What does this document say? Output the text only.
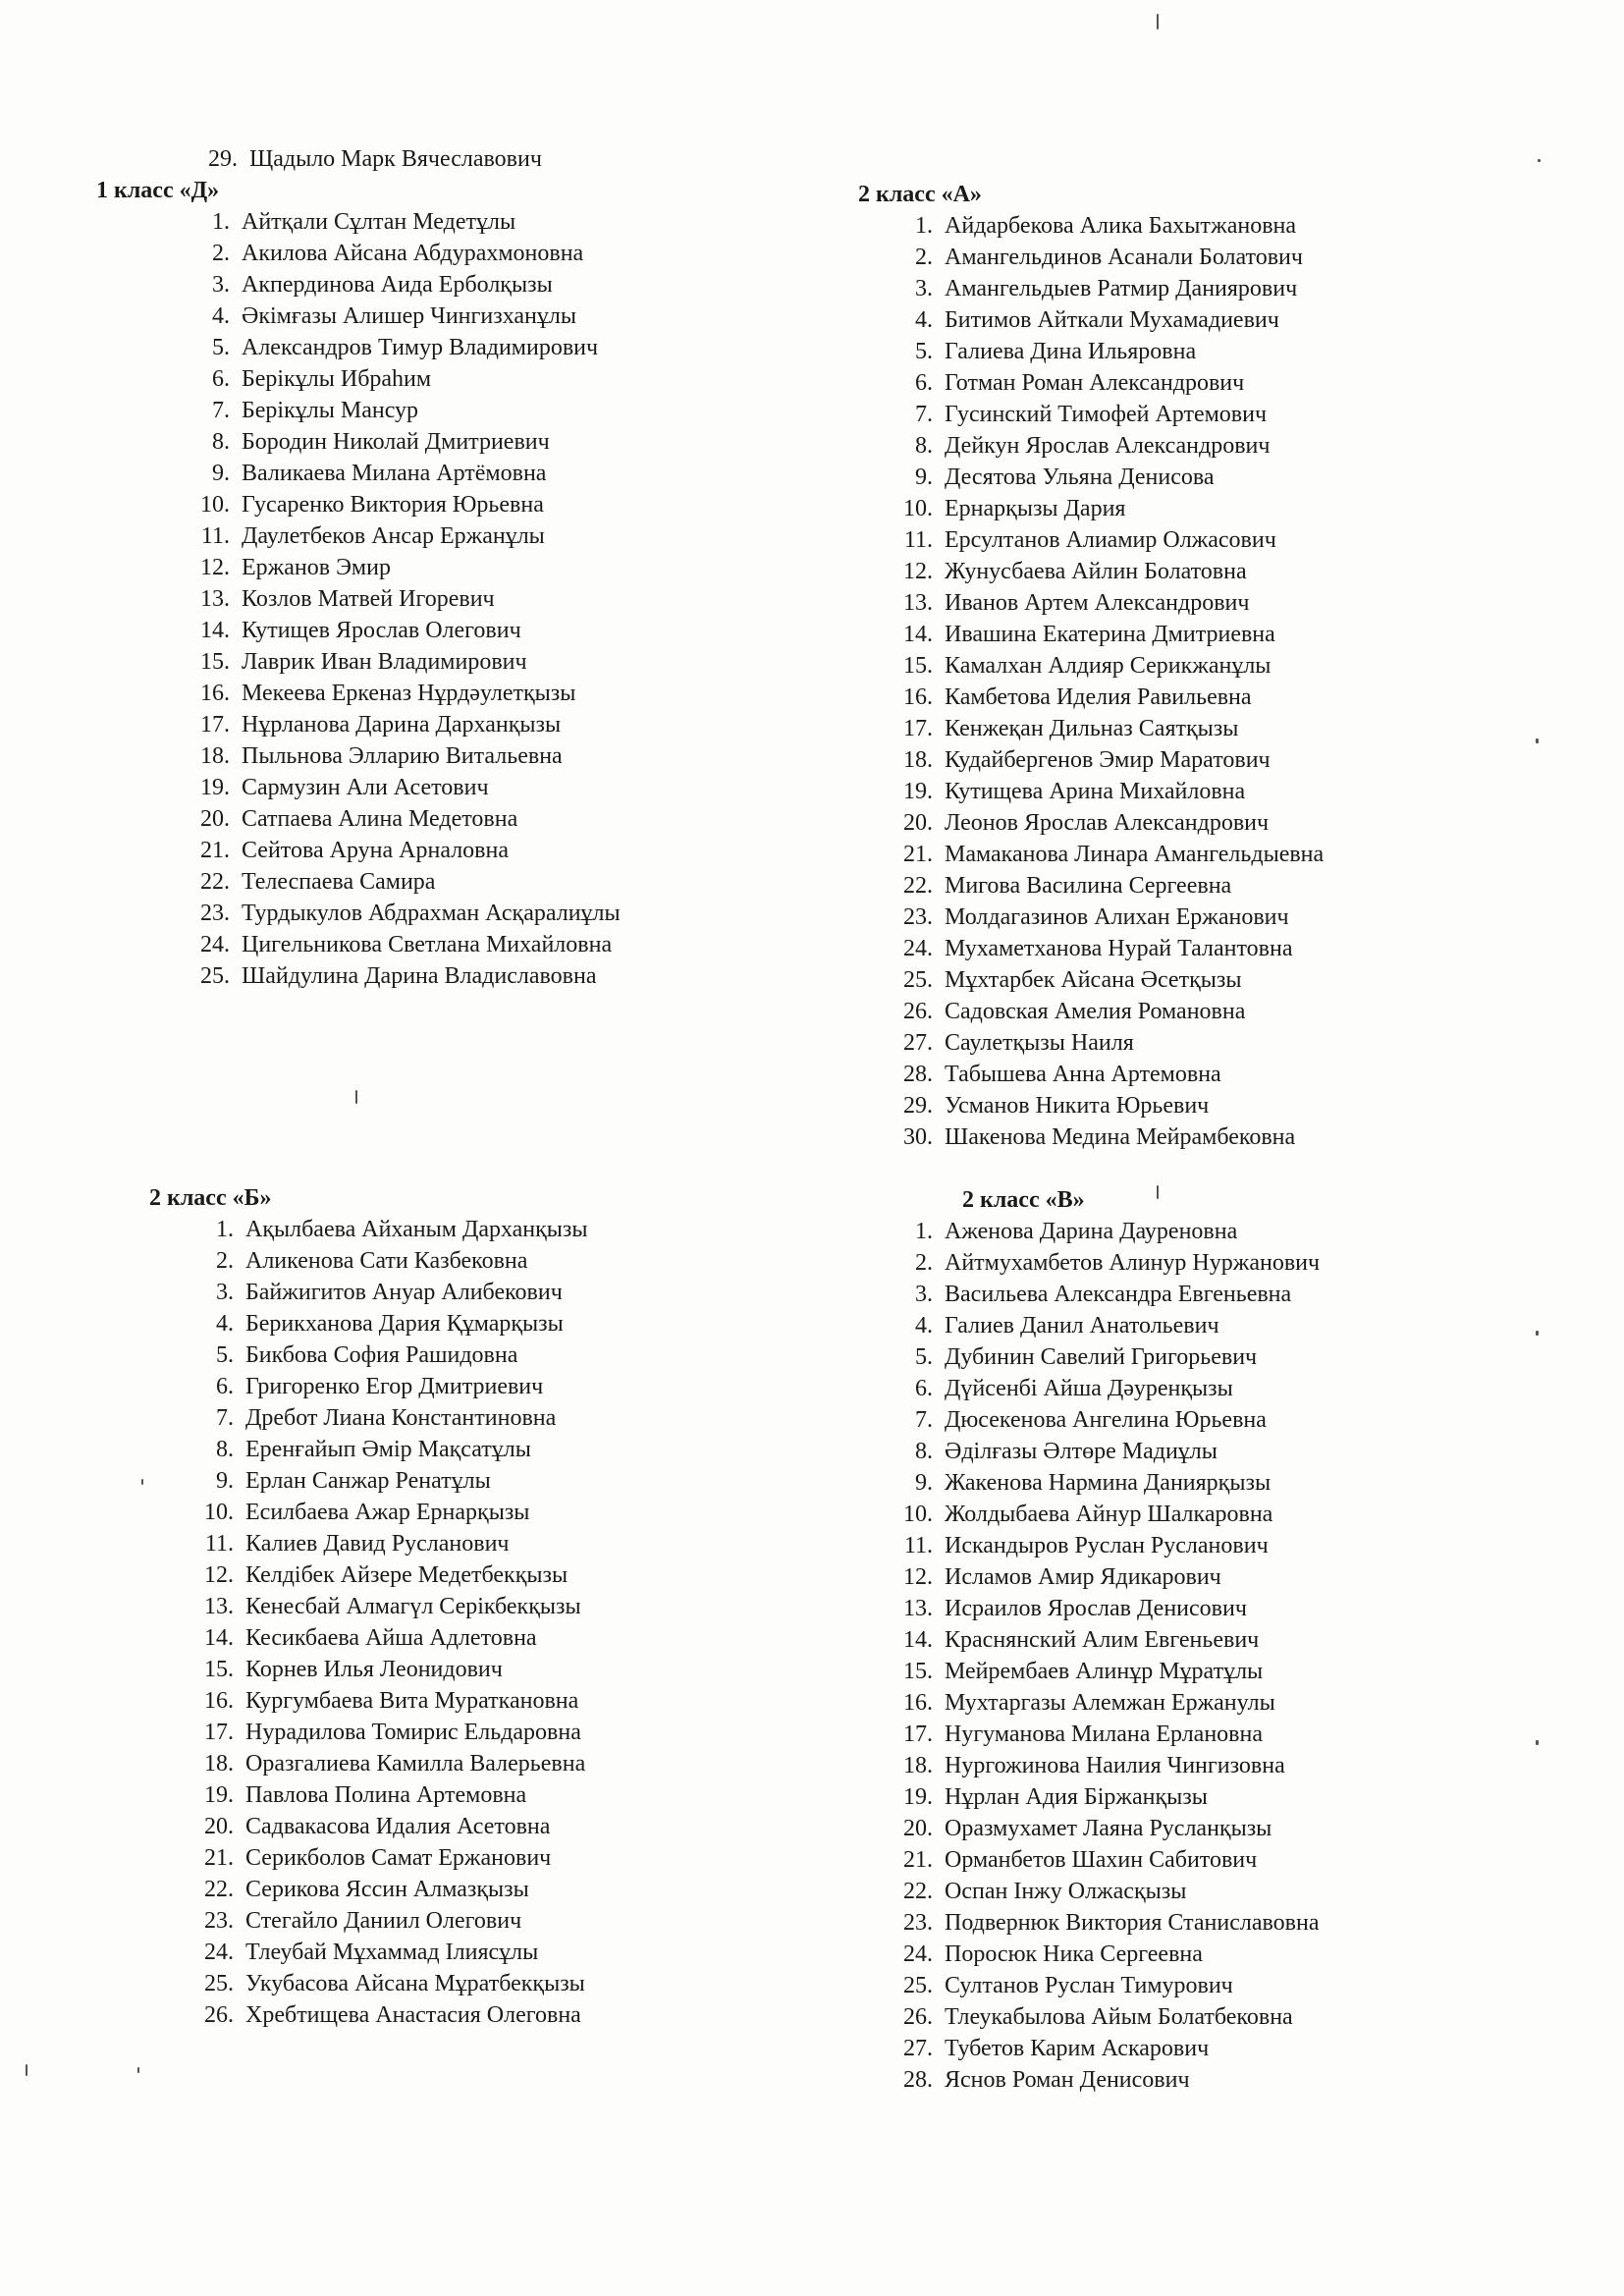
29. Щадыло Марк Вячеславович
1 класс «Д»
1. Айтқали Сұлтан Медетұлы
2. Акилова Айсана Абдурахмоновна
3. Акпердинова Аида Ерболқызы
4. Әкімғазы Алишер Чингизханұлы
5. Александров Тимур Владимирович
6. Берікұлы Ибраһим
7. Берікұлы Мансур
8. Бородин Николай Дмитриевич
9. Валикаева Милана Артёмовна
10. Гусаренко Виктория Юрьевна
11. Даулетбеков Ансар Ержанұлы
12. Ержанов Эмир
13. Козлов Матвей Игоревич
14. Кутищев Ярослав Олегович
15. Лаврик Иван Владимирович
16. Мекеева Еркеназ Нұрдәулетқызы
17. Нұрланова Дарина Дарханқызы
18. Пыльнова Элларию Витальевна
19. Сармузин Али Асетович
20. Сатпаева Алина Медетовна
21. Сейтова Аруна Арналовна
22. Телеспаева Самира
23. Турдыкулов Абдрахман Асқаралиұлы
24. Цигельникова Светлана Михайловна
25. Шайдулина Дарина Владиславовна
2 класс «А»
1. Айдарбекова Алика Бахытжановна
2. Амангельдинов Асанали Болатович
3. Амангельдыев Ратмир Даниярович
4. Битимов Айткали Мухамадиевич
5. Галиева Дина Ильяровна
6. Готман Роман Александрович
7. Гусинский Тимофей Артемович
8. Дейкун Ярослав Александрович
9. Десятова Ульяна Денисова
10. Ернарқызы Дария
11. Ерсултанов Алиамир Олжасович
12. Жунусбаева Айлин Болатовна
13. Иванов Артем Александрович
14. Ивашина Екатерина Дмитриевна
15. Камалхан Алдияр Серикжанұлы
16. Камбетова Иделия Равильевна
17. Кенжеқан Дильназ Саятқызы
18. Кудайбергенов Эмир Маратович
19. Кутищева Арина Михайловна
20. Леонов Ярослав Александрович
21. Мамаканова Линара Амангельдыевна
22. Мигова Василина Сергеевна
23. Молдагазинов Алихан Ержанович
24. Мухаметханова Нурай Талантовна
25. Мұхтарбек Айсана Әсетқызы
26. Садовская Амелия Романовна
27. Саулетқызы Наиля
28. Табышева Анна Артемовна
29. Усманов Никита Юрьевич
30. Шакенова Медина Мейрамбековна
2 класс «Б»
1. Ақылбаева Айханым Дарханқызы
2. Аликенова Сати Казбековна
3. Байжигитов Ануар Алибекович
4. Берикханова Дария Құмарқызы
5. Бикбова София Рашидовна
6. Григоренко Егор Дмитриевич
7. Дребот Лиана Константиновна
8. Еренғайып Әмір Мақсатұлы
9. Ерлан Санжар Ренатұлы
10. Есилбаева Ажар Ернарқызы
11. Калиев Давид Русланович
12. Келдібек Айзере Медетбекқызы
13. Кенесбай Алмагүл Серікбекқызы
14. Кесикбаева Айша Адлетовна
15. Корнев Илья Леонидович
16. Кургумбаева Вита Мураткановна
17. Нурадилова Томирис Ельдаровна
18. Оразгалиева Камилла Валерьевна
19. Павлова Полина Артемовна
20. Садвакасова Идалия Асетовна
21. Серикболов Самат Ержанович
22. Серикова Яссин Алмазқызы
23. Стегайло Даниил Олегович
24. Тлеубай Мұхаммад Ілиясұлы
25. Укубасова Айсана Мұратбекқызы
26. Хребтищева Анастасия Олеговна
2 класс «В»
1. Аженова Дарина Дауреновна
2. Айтмухамбетов Алинур Нуржанович
3. Васильева Александра Евгеньевна
4. Галиев Данил Анатольевич
5. Дубинин Савелий Григорьевич
6. Дүйсенбі Айша Дәуренқызы
7. Дюсекенова Ангелина Юрьевна
8. Әділғазы Әлтөре Мадиұлы
9. Жакенова Нармина Даниярқызы
10. Жолдыбаева Айнур Шалкаровна
11. Искандыров Руслан Русланович
12. Исламов Амир Ядикарович
13. Исраилов Ярослав Денисович
14. Краснянский Алим Евгеньевич
15. Мейрембаев Алинұр Мұратұлы
16. Мухтаргазы Алемжан Ержанулы
17. Нугуманова Милана Ерлановна
18. Нургожинова Наилия Чингизовна
19. Нұрлан Адия Біржанқызы
20. Оразмухамет Лаяна Русланқызы
21. Орманбетов Шахин Сабитович
22. Оспан Інжу Олжасқызы
23. Подвернюк Виктория Станиславовна
24. Поросюк Ника Сергеевна
25. Султанов Руслан Тимурович
26. Тлеукабылова Айым Болатбековна
27. Тубетов Карим Аскарович
28. Яснов Роман Денисович
